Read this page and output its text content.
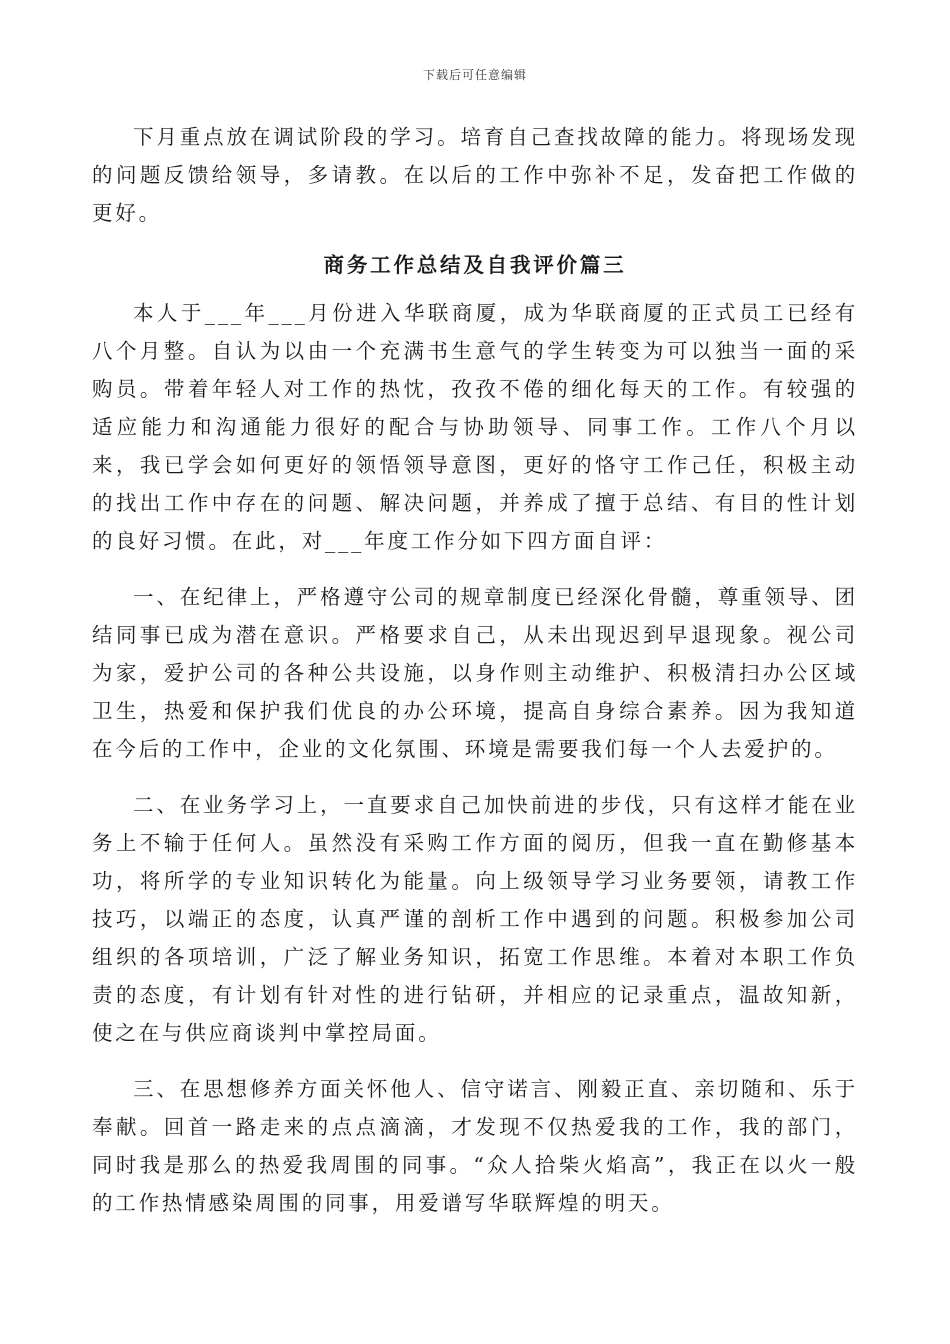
下载后可任意编辑

下月重点放在调试阶段的学习。培育自己查找故障的能力。将现场发现的问题反馈给领导，多请教。在以后的工作中弥补不足，发奋把工作做的更好。

商务工作总结及自我评价篇三

本人于___年___月份进入华联商厦，成为华联商厦的正式员工已经有八个月整。自认为以由一个充满书生意气的学生转变为可以独当一面的采购员。带着年轻人对工作的热忱，孜孜不倦的细化每天的工作。有较强的适应能力和沟通能力很好的配合与协助领导、同事工作。工作八个月以来，我已学会如何更好的领悟领导意图，更好的恪守工作己任，积极主动的找出工作中存在的问题、解决问题，并养成了擅于总结、有目的性计划的良好习惯。在此，对___年度工作分如下四方面自评：

一、在纪律上，严格遵守公司的规章制度已经深化骨髓，尊重领导、团结同事已成为潜在意识。严格要求自己，从未出现迟到早退现象。视公司为家，爱护公司的各种公共设施，以身作则主动维护、积极清扫办公区域卫生，热爱和保护我们优良的办公环境，提高自身综合素养。因为我知道在今后的工作中，企业的文化氛围、环境是需要我们每一个人去爱护的。

二、在业务学习上，一直要求自己加快前进的步伐，只有这样才能在业务上不输于任何人。虽然没有采购工作方面的阅历，但我一直在勤修基本功，将所学的专业知识转化为能量。向上级领导学习业务要领，请教工作技巧，以端正的态度，认真严谨的剖析工作中遇到的问题。积极参加公司组织的各项培训，广泛了解业务知识，拓宽工作思维。本着对本职工作负责的态度，有计划有针对性的进行钻研，并相应的记录重点，温故知新，使之在与供应商谈判中掌控局面。

三、在思想修养方面关怀他人、信守诺言、刚毅正直、亲切随和、乐于奉献。回首一路走来的点点滴滴，才发现不仅热爱我的工作，我的部门，同时我是那么的热爱我周围的同事。“众人拾柴火焰高”，我正在以火一般的工作热情感染周围的同事，用爱谱写华联辉煌的明天。
